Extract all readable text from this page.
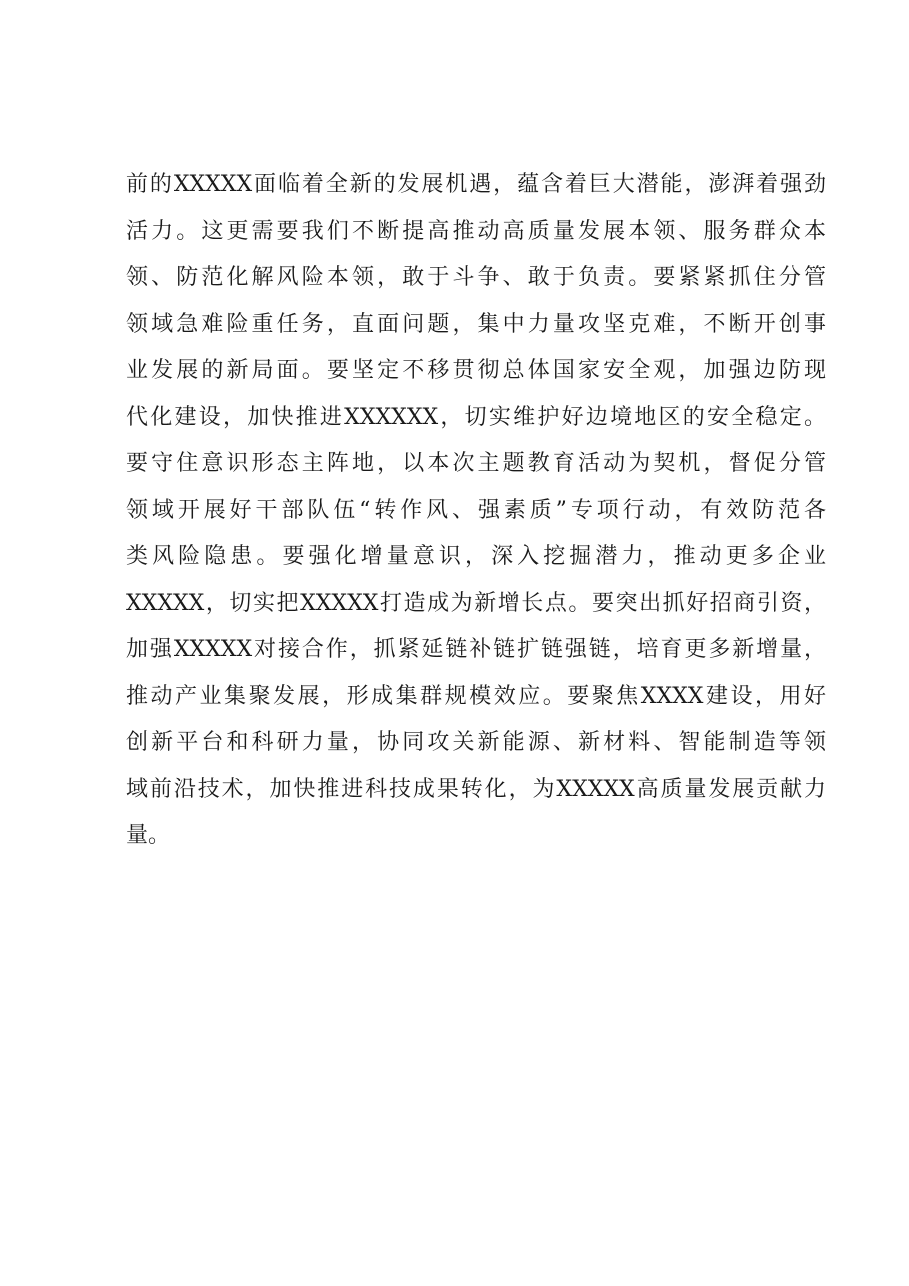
前的XXXXX面临着全新的发展机遇，蕴含着巨大潜能，澎湃着强劲
活力。这更需要我们不断提高推动高质量发展本领、服务群众本
领、防范化解风险本领，敢于斗争、敢于负责。要紧紧抓住分管
领域急难险重任务，直面问题，集中力量攻坚克难，不断开创事
业发展的新局面。要坚定不移贯彻总体国家安全观，加强边防现
代化建设，加快推进XXXXXX，切实维护好边境地区的安全稳定。
要守住意识形态主阵地，以本次主题教育活动为契机，督促分管
领域开展好干部队伍“转作风、强素质”专项行动，有效防范各
类风险隐患。要强化增量意识，深入挖掘潜力，推动更多企业
XXXXX，切实把XXXXX打造成为新增长点。要突出抓好招商引资，
加强XXXXX对接合作，抓紧延链补链扩链强链，培育更多新增量，
推动产业集聚发展，形成集群规模效应。要聚焦XXXX建设，用好
创新平台和科研力量，协同攻关新能源、新材料、智能制造等领
域前沿技术，加快推进科技成果转化，为XXXXX高质量发展贡献力
量。
